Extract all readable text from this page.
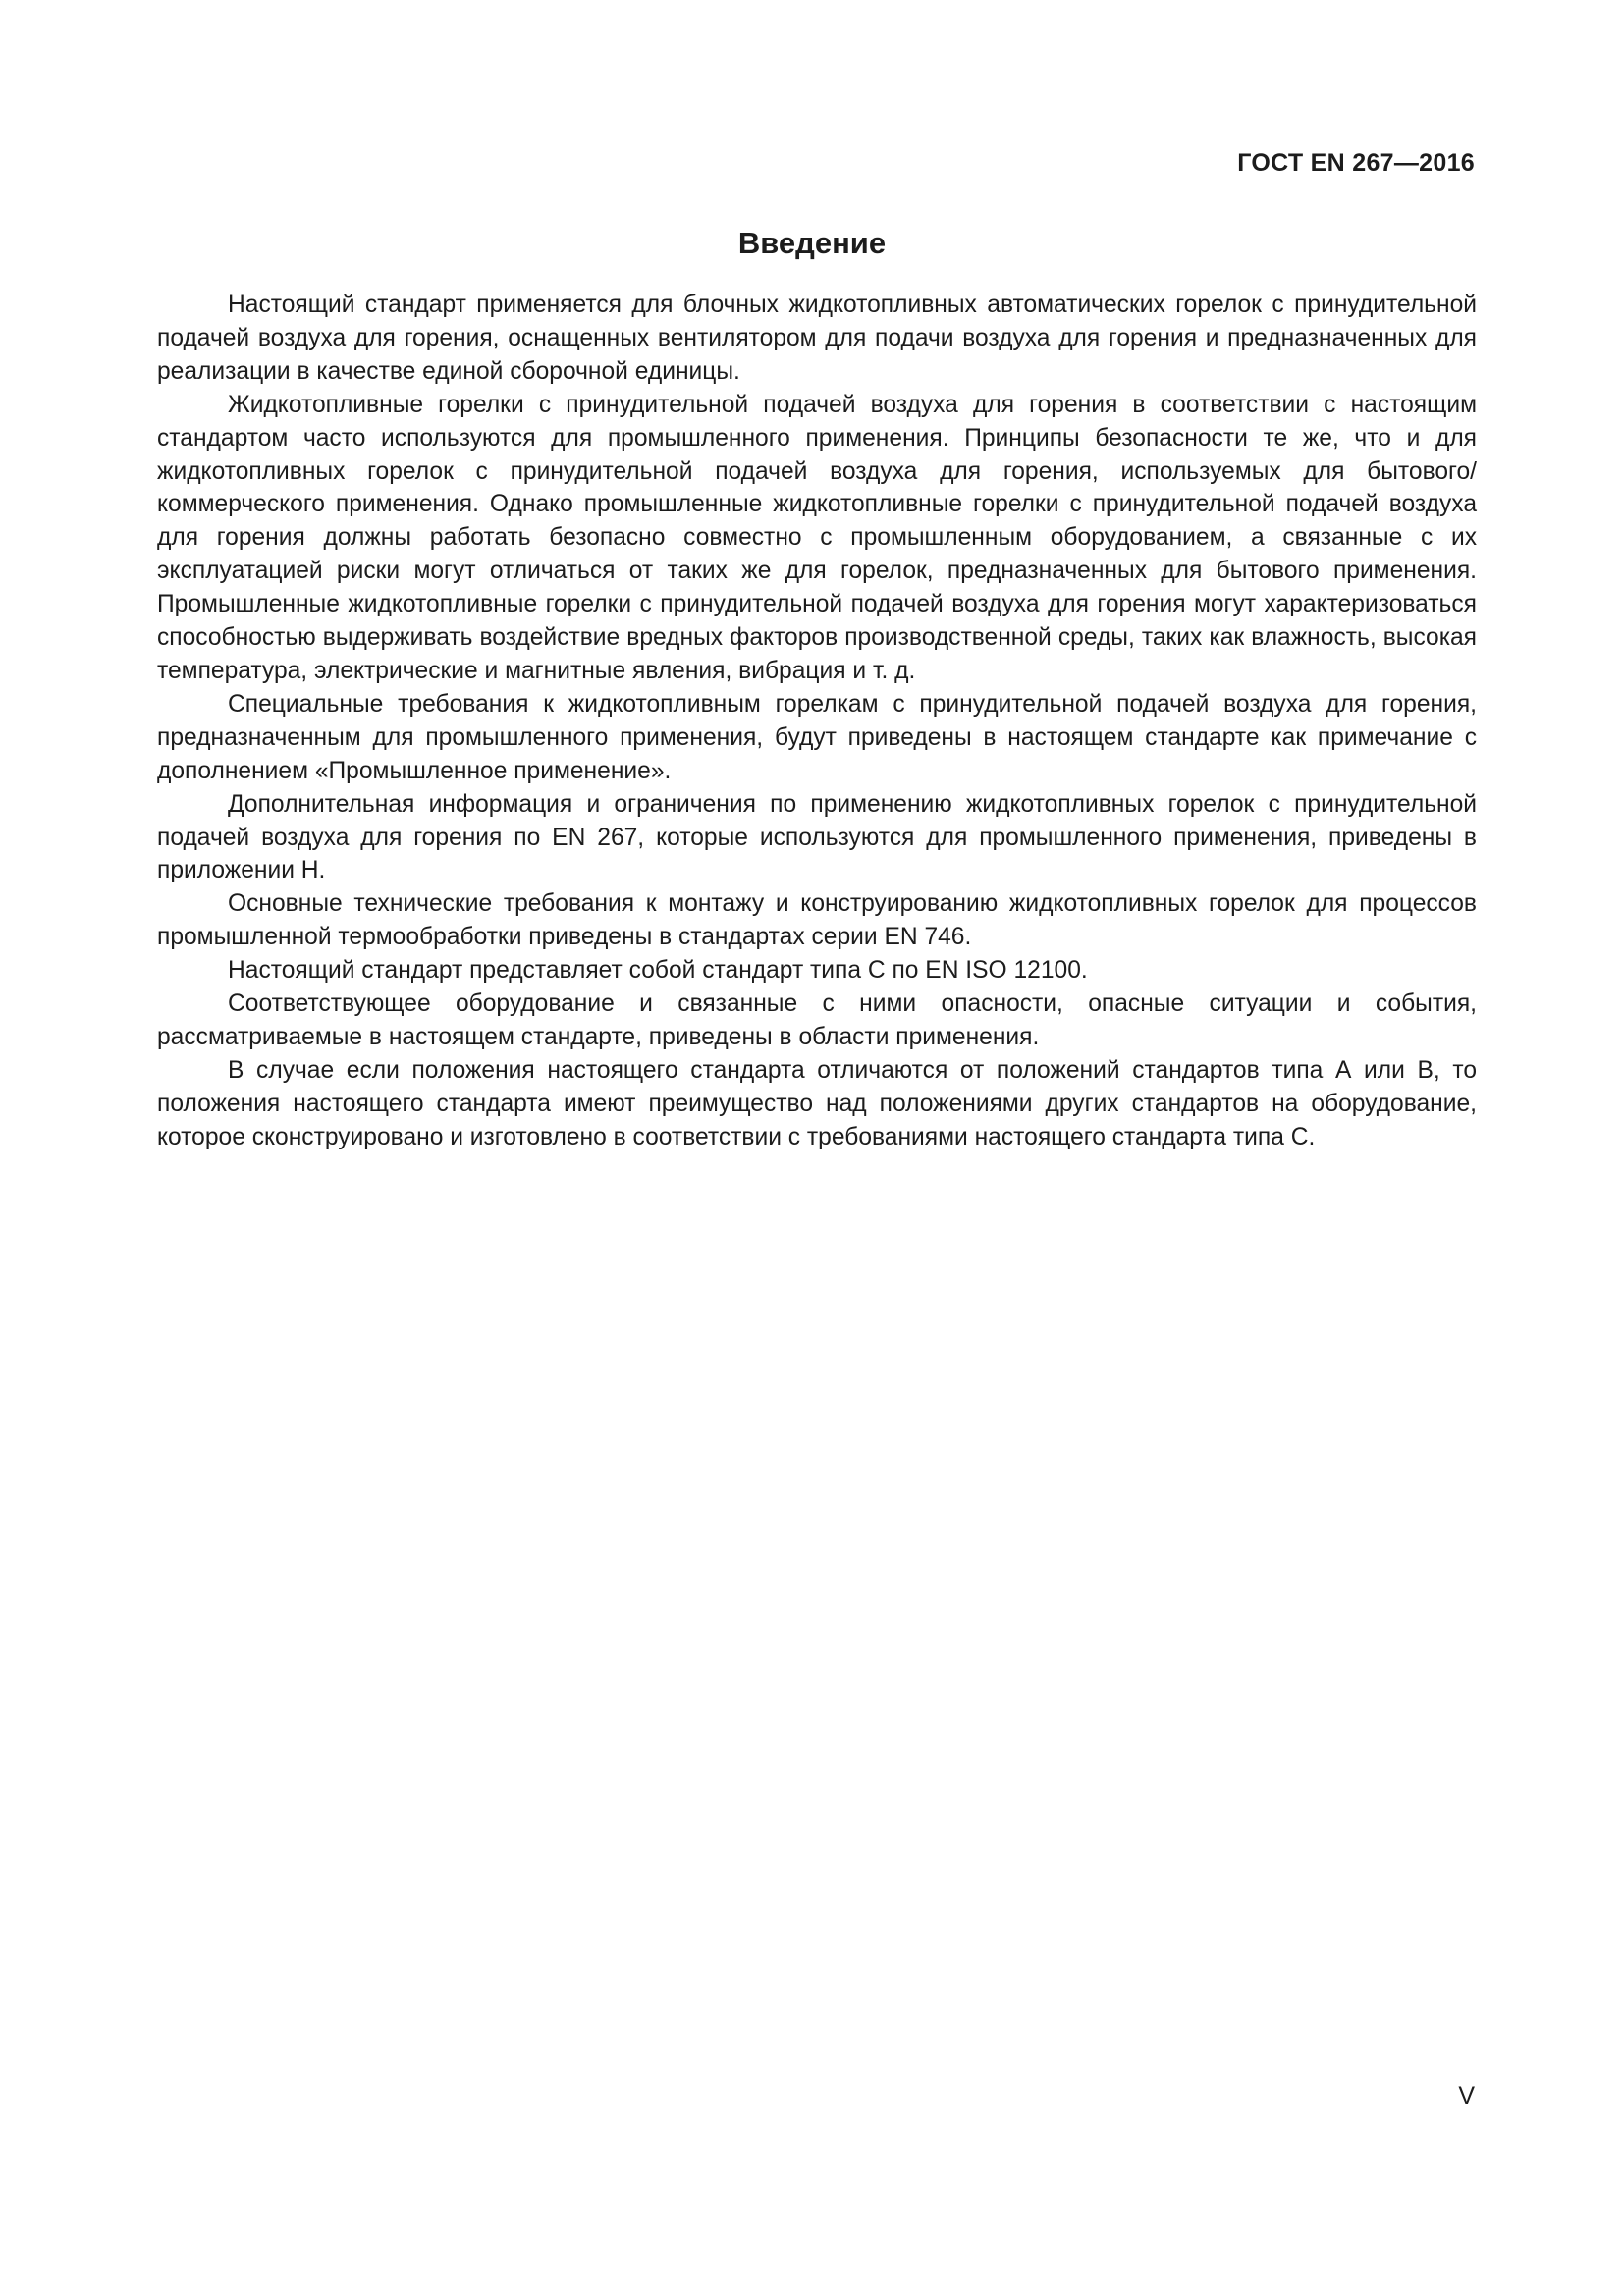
ГОСТ EN 267—2016
Введение

Настоящий стандарт применяется для блочных жидкотопливных автоматических горелок с принудительной подачей воздуха для горения, оснащенных вентилятором для подачи воздуха для горения и предназначенных для реализации в качестве единой сборочной единицы.

Жидкотопливные горелки с принудительной подачей воздуха для горения в соответствии с настоящим стандартом часто используются для промышленного применения. Принципы безопасности те же, что и для жидкотопливных горелок с принудительной подачей воздуха для горения, используемых для бытового/коммерческого применения. Однако промышленные жидкотопливные горелки с принудительной подачей воздуха для горения должны работать безопасно совместно с промышленным оборудованием, а связанные с их эксплуатацией риски могут отличаться от таких же для горелок, предназначенных для бытового применения. Промышленные жидкотопливные горелки с принудительной подачей воздуха для горения могут характеризоваться способностью выдерживать воздействие вредных факторов производственной среды, таких как влажность, высокая температура, электрические и магнитные явления, вибрация и т. д.

Специальные требования к жидкотопливным горелкам с принудительной подачей воздуха для горения, предназначенным для промышленного применения, будут приведены в настоящем стандарте как примечание с дополнением «Промышленное применение».

Дополнительная информация и ограничения по применению жидкотопливных горелок с принудительной подачей воздуха для горения по EN 267, которые используются для промышленного применения, приведены в приложении Н.

Основные технические требования к монтажу и конструированию жидкотопливных горелок для процессов промышленной термообработки приведены в стандартах серии EN 746.

Настоящий стандарт представляет собой стандарт типа С по EN ISO 12100.

Соответствующее оборудование и связанные с ними опасности, опасные ситуации и события, рассматриваемые в настоящем стандарте, приведены в области применения.

В случае если положения настоящего стандарта отличаются от положений стандартов типа А или В, то положения настоящего стандарта имеют преимущество над положениями других стандартов на оборудование, которое сконструировано и изготовлено в соответствии с требованиями настоящего стандарта типа С.

V
